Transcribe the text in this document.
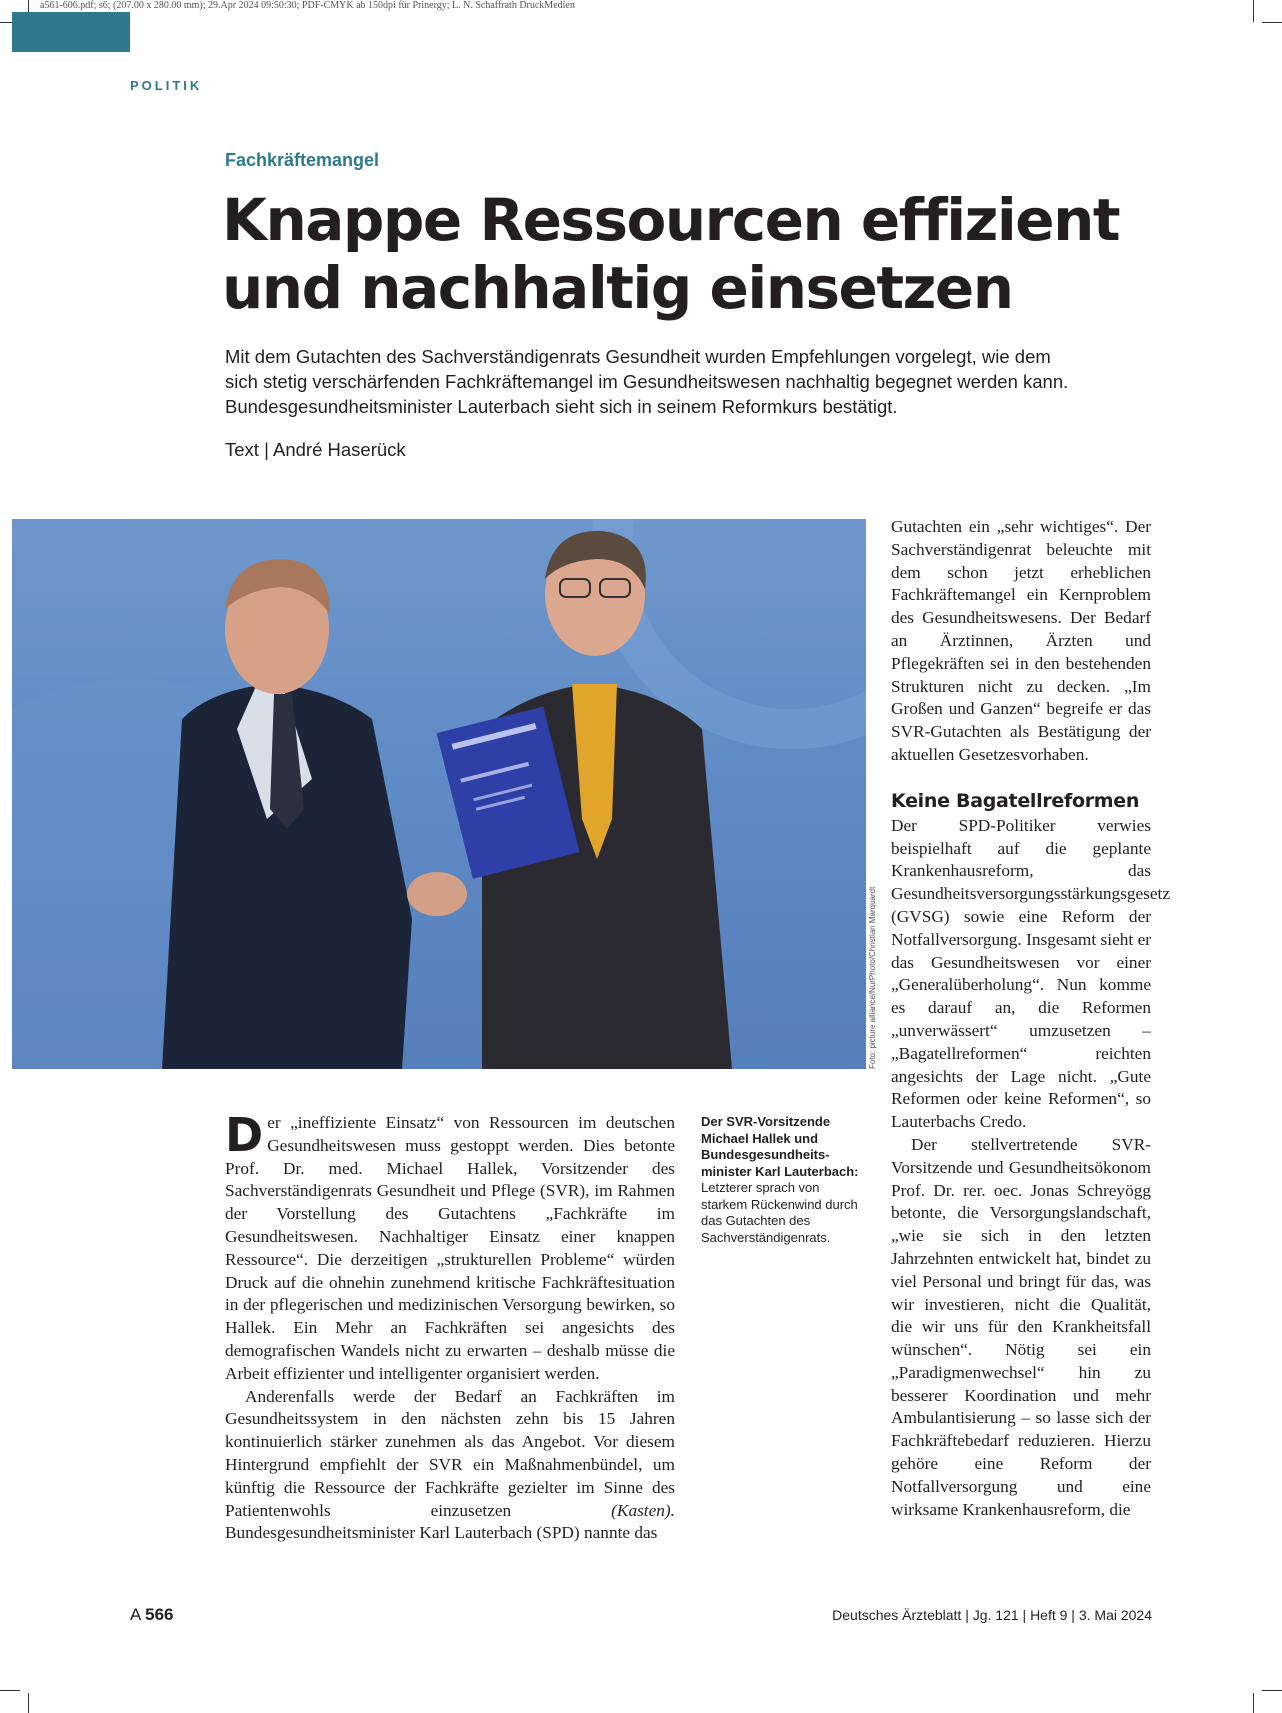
a561-606.pdf; s6; (207.00 x 280.00 mm); 29.Apr 2024 09:50:30; PDF-CMYK ab 150dpi für Prinergy; L. N. Schaffrath DruckMedien
POLITIK
Fachkräftemangel
Knappe Ressourcen effizient
und nachhaltig einsetzen

Mit dem Gutachten des Sachverständigenrats Gesundheit wurden Empfehlungen vorgelegt, wie dem sich stetig verschärfenden Fachkräftemangel im Gesundheitswesen nachhaltig begegnet werden kann. Bundesgesundheitsminister Lauterbach sieht sich in seinem Reformkurs bestätigt.

Text | André Haserück
Foto: picture alliance/NurPhoto/Christian Marquardt

Der „ineffiziente Einsatz“ von Ressourcen im deutschen Gesundheitswesen muss gestoppt werden. Dies betonte Prof. Dr. med. Michael Hallek, Vorsitzender des Sachverständigenrats Gesundheit und Pflege (SVR), im Rahmen der Vorstellung des Gutachtens „Fachkräfte im Gesundheitswesen. Nachhaltiger Einsatz einer knappen Ressource“. Die derzeitigen „strukturellen Probleme“ würden Druck auf die ohnehin zunehmend kritische Fachkräftesituation in der pflegerischen und medizinischen Versorgung bewirken, so Hallek. Ein Mehr an Fachkräften sei angesichts des demografischen Wandels nicht zu erwarten – deshalb müsse die Arbeit effizienter und intelligenter organisiert werden.

Anderenfalls werde der Bedarf an Fachkräften im Gesundheitssystem in den nächsten zehn bis 15 Jahren kontinuierlich stärker zunehmen als das Angebot. Vor diesem Hintergrund empfiehlt der SVR ein Maßnahmenbündel, um künftig die Ressource der Fachkräfte gezielter im Sinne des Patientenwohls einzusetzen (Kasten). Bundesgesundheitsminister Karl Lauterbach (SPD) nannte das

Der SVR-Vorsitzende Michael Hallek und Bundesgesundheitsminister Karl Lauterbach: Letzterer sprach von starkem Rückenwind durch das Gutachten des Sachverständigenrats.

Gutachten ein „sehr wichtiges“. Der Sachverständigenrat beleuchte mit dem schon jetzt erheblichen Fachkräftemangel ein Kernproblem des Gesundheitswesens. Der Bedarf an Ärztinnen, Ärzten und Pflegekräften sei in den bestehenden Strukturen nicht zu decken. „Im Großen und Ganzen“ begreife er das SVR-Gutachten als Bestätigung der aktuellen Gesetzesvorhaben.

Keine Bagatellreformen

Der SPD-Politiker verwies beispielhaft auf die geplante Krankenhausreform, das Gesundheitsversorgungsstärkungsgesetz (GVSG) sowie eine Reform der Notfallversorgung. Insgesamt sieht er das Gesundheitswesen vor einer „Generalüberholung“. Nun komme es darauf an, die Reformen „unverwässert“ umzusetzen – „Bagatellreformen“ reichten angesichts der Lage nicht. „Gute Reformen oder keine Reformen“, so Lauterbachs Credo.

Der stellvertretende SVR-Vorsitzende und Gesundheitsökonom Prof. Dr. rer. oec. Jonas Schreyögg betonte, die Versorgungslandschaft, „wie sie sich in den letzten Jahrzehnten entwickelt hat, bindet zu viel Personal und bringt für das, was wir investieren, nicht die Qualität, die wir uns für den Krankheitsfall wünschen“. Nötig sei ein „Paradigmenwechsel“ hin zu besserer Koordination und mehr Ambulantisierung – so lasse sich der Fachkräftebedarf reduzieren. Hierzu gehöre eine Reform der Notfallversorgung und eine wirksame Krankenhausreform, die

A 566	Deutsches Ärzteblatt | Jg. 121 | Heft 9 | 3. Mai 2024
